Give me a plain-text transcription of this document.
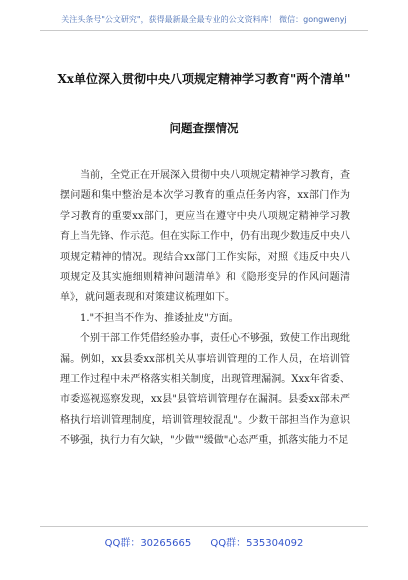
关注头条号"公文研究"，获得最新最全最专业的公文资料库！ 微信：gongwenyj
Xx单位深入贯彻中央八项规定精神学习教育"两个清单"
问题查摆情况

当前，全党正在开展深入贯彻中央八项规定精神学习教育，查摆问题和集中整治是本次学习教育的重点任务内容，xx部门作为学习教育的重要xx部门，更应当在遵守中央八项规定精神学习教育上当先锋、作示范。但在实际工作中，仍有出现少数违反中央八项规定精神的情况。现结合xx部门工作实际，对照《违反中央八项规定及其实施细则精神问题清单》和《隐形变异的作风问题清单》，就问题表现和对策建议梳理如下。

1."不担当不作为、推诿扯皮"方面。

个别干部工作凭借经验办事，责任心不够强，致使工作出现纰漏。例如，xx县委xx部机关从事培训管理的工作人员，在培训管理工作过程中未严格落实相关制度，出现管理漏洞。Xxx年省委、市委巡视巡察发现，xx县"县管培训管理存在漏洞。县委xx部未严格执行培训管理制度，培训管理较混乱"。少数干部担当作为意识不够强，执行力有欠缺，"少做""缓做"心态严重，抓落实能力不足

QQ群：30265665 QQ群：535304092
